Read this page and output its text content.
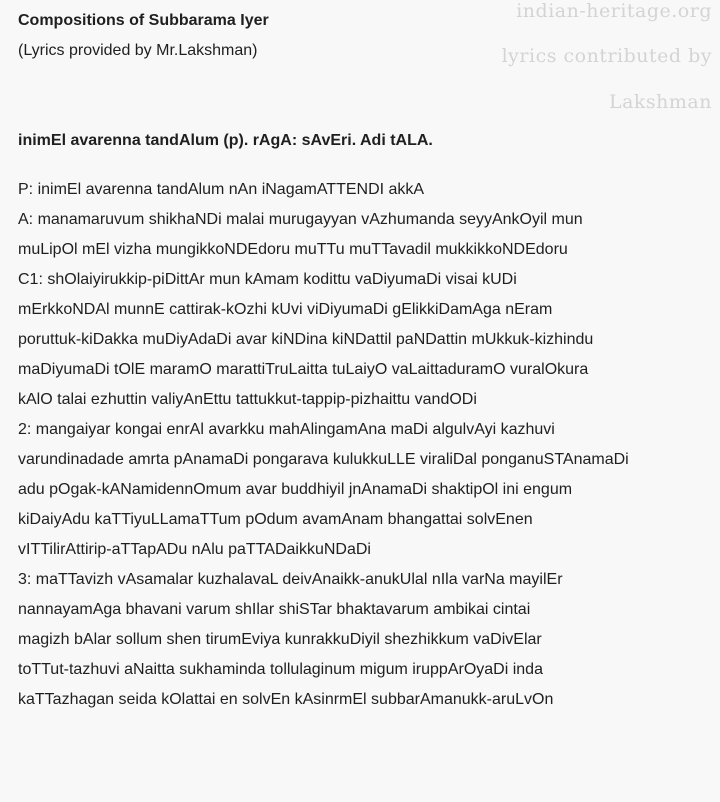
indian-heritage.org
lyrics contributed by
Lakshman
Compositions of Subbarama Iyer
(Lyrics provided by Mr.Lakshman)
inimEl avarenna tandAlum (p). rAgA: sAvEri. Adi tALA.
P: inimEl avarenna tandAlum nAn iNagamATTENDI akkA
A: manamaruvum shikhaNDi malai murugayyan vAzhumanda seyyAnkOyil mun
muLipOl mEl vizha mungikkoNDEdoru muTTu muTTavadil mukkikkoNDEdoru
C1: shOlaiyirukkip-piDittAr mun kAmam kodittu vaDiyumaDi visai kUDi
mErkkoNDAl munnE cattirak-kOzhi kUvi viDiyumaDi gElikkiDamAga nEram
poruttuk-kiDakka muDiyAdaDi avar kiNDina kiNDattil paNDattin mUkkuk-kizhindu
maDiyumaDi tOlE maramO marattiTruLaitta tuLaiyO vaLaittaduramO vuralOkura
kAlO talai ezhuttin valiyAnEttu tattukkut-tappip-pizhaittu vandODi
2: mangaiyar kongai enrAl avarkku mahAlingamAna maDi algulvAyi kazhuvi
varundinadade amrta pAnamaDi pongarava kulukkuLLE viraliDal ponganuSTAnamaDi
adu pOgak-kANamidennOmum avar buddhiyil jnAnamaDi shaktipOl ini engum
kiDaiyAdu kaTTiyuLLamaTTum pOdum avamAnam bhangattai solvEnen
vITTilirAttirip-aTTapADu nAlu paTTADaikkuNDaDi
3: maTTavizh vAsamalar kuzhalavaL deivAnaikk-anukUlal nIla varNa mayilEr
nannayamAga bhavani varum shIlar shiSTar bhaktavarum ambikai cintai
magizh bAlar sollum shen tirumEviya kunrakkuDiyil shezhikkum vaDivElar
toTTut-tazhuvi aNaitta sukhaminda tollulaginum migum iruppArOyaDi inda
kaTTazhagan seida kOlattai en solvEn kAsinrmEl subbarAmanukk-aruLvOn
